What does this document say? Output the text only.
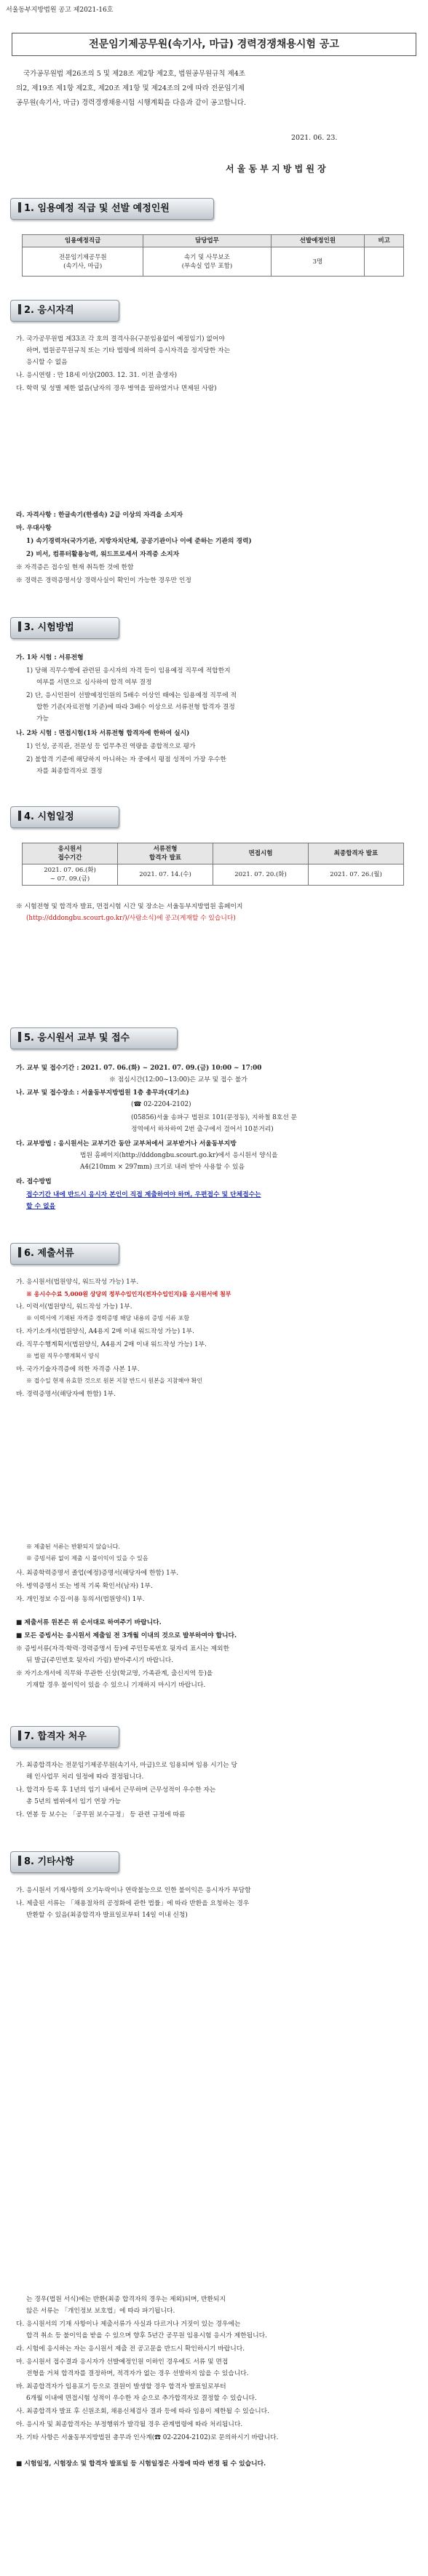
서울동부지방법원 공고 제2021-16호
전문임기제공무원(속기사, 마급) 경력경쟁채용시험 공고
국가공무원법 제26조의 5 및 제28조 제2항 제2호, 법원공무원규칙 제4조
의2, 제19조 제1항 제2호, 제20조 제1항 및 제24조의 2에 따라 전문임기제
공무원(속기사, 마급) 경력경쟁채용시험 시행계획을 다음과 같이 공고합니다.
2021. 06. 23.
서 울 동 부 지 방 법 원 장
1. 임용예정 직급 및 선발 예정인원
임용예정직급	담당업무	선발예정인원	비고
전문임기제공무원
(속기사, 마급)	속기 및 사무보조
(부속실 업무 포함)	3명	
2. 응시자격
가. 국가공무원법 제33조 각 호의 결격사유(구분임용없이 예정임기) 없어야
하며, 법원공무원규칙 또는 기타 법령에 의하여 응시자격을 정지당한 자는
응시할 수 없음
나. 응시연령 : 만 18세 이상(2003. 12. 31. 이전 출생자)
다. 학력 및 성별 제한 없음(남자의 경우 병역을 필하였거나 면제된 사람)
라. 자격사항 : 한글속기(한셈속) 2급 이상의 자격을 소지자
마. 우대사항
1) 속기경력자(국가기관, 지방자치단체, 공공기관이나 이에 준하는 기관의 경력)
2) 비서, 컴퓨터활용능력, 워드프로세서 자격증 소지자
※ 자격증은 접수일 현재 취득한 것에 한함
※ 경력은 경력증명서상 경력사실이 확인이 가능한 경우만 인정
3. 시험방법
가. 1차 시험 : 서류전형
1) 당해 직무수행에 관련된 응시자의 자격 등이 임용예정 직무에 적합한지
여부를 서면으로 심사하여 합격 여부 결정
2) 단, 응시인원이 선발예정인원의 5배수 이상인 때에는 임용예정 직무에 적
합한 기준(자료전형 기준)에 따라 3배수 이상으로 서류전형 합격자 결정
가능
나. 2차 시험 : 면접시험(1차 서류전형 합격자에 한하여 실시)
1) 인성, 공직관, 전문성 등 업무추진 역량을 종합적으로 평가
2) 불합격 기준에 해당하지 아니하는 자 중에서 평점 성적이 가장 우수한
자를 최종합격자로 결정
4. 시험일정
응시원서
접수기간	서류전형
합격자 발표	면접시험	최종합격자 발표
2021. 07. 06.(화)
~ 07. 09.(금)	2021. 07. 14.(수)	2021. 07. 20.(화)	2021. 07. 26.(월)
※ 시험전형 및 합격자 발표, 면접시험 시간 및 장소는 서울동부지방법원 홈페이지
(http://dddongbu.scourt.go.kr/)/사람소식)에 공고(게재할 수 있습니다)
5. 응시원서 교부 및 접수
가. 교부 및 접수기간 : 2021. 07. 06.(화) ~ 2021. 07. 09.(금) 10:00 ~ 17:00
※ 점심시간(12:00~13:00)은 교부 및 접수 불가
나. 교부 및 접수장소 : 서울동부지방법원 1층 총무과(대기소)
(☎ 02-2204-2102)
(05856)서울 송파구 법원로 101(문정동), 지하철 8호선 문
정역에서 하차하여 2번 출구에서 걸어서 10분거리)
다. 교부방법 : 응시원서는 교부기간 동안 교부처에서 교부받거나 서울동부지방
법원 홈페이지(http://dddongbu.scourt.go.kr)에서 응시원서 양식을
A4(210mm × 297mm) 크기로 내려 받아 사용할 수 있음
라. 접수방법
접수기간 내에 반드시 응시자 본인이 직접 제출하여야 하며, 우편접수 및 단체접수는
할 수 없음
6. 제출서류
가. 응시원서(법원양식, 워드작성 가능) 1부.
※ 응시수수료 5,000원 상당의 정부수입인지(전자수입인지)를 응시원서에 첨부
나. 이력서(법원양식, 워드작성 가능) 1부.
※ 이력서에 기재된 자격증 경력증명 해당 내용의 증빙 서류 포함
다. 자기소개서(법원양식, A4용지 2매 이내 워드작성 가능) 1부.
라. 직무수행계획서(법원양식, A4용지 2매 이내 워드작성 가능) 1부.
※ 법원 직무수행계획서 양식
마. 국가기술자격증에 의한 자격증 사본 1부.
※ 접수일 현재 유효한 것으로 원본 지참 반드시 원본을 지참해야 확인
바. 경력증명서(해당자에 한함) 1부.
※ 제출된 서류는 반환되지 않습니다.
※ 증빙서류 없이 제출 시 불이익이 있을 수 있음
사. 최종학력증명서 졸업(예정)증명서(해당자에 한함) 1부.
아. 병역증명서 또는 병적 기록 확인서(남자) 1부.
자. 개인정보 수집·이용 동의서(법원양식) 1부.
■ 제출서류 원본은 위 순서대로 하여주기 바랍니다.
■ 모든 증빙서는 응시원서 제출일 전 3개월 이내의 것으로 발부하여야 합니다.
※ 증빙서류(자격·학력·경력증명서 등)에 주민등록번호 뒷자리 표시는 제외한
뒤 발급(주민번호 뒷자리 가림) 받아주시기 바랍니다.
※ 자기소개서에 직무와 무관한 신상(학교명, 가족관계, 출신지역 등)을
기재할 경우 불이익이 있을 수 있으니 기재하지 마시기 바랍니다.
7. 합격자 처우
가. 최종합격자는 전문임기제공무원(속기사, 마급)으로 임용되며 임용 시기는 당
해 인사업무 처리 일정에 따라 결정됩니다.
나. 합격자 등록 후 1년의 임기 내에서 근무하며 근무성적이 우수한 자는
총 5년의 범위에서 임기 연장 가능
다. 연봉 등 보수는 「공무원 보수규정」 등 관련 규정에 따름
8. 기타사항
가. 응시원서 기재사항의 오기누락이나 연락불능으로 인한 불이익은 응시자가 부담함
나. 제출된 서류는 「채용절차의 공정화에 관한 법률」에 따라 반환을 요청하는 경우
반환할 수 있음(최종합격자 발표일로부터 14일 이내 신청)
는 경우(법원 서식)에는 반환(최종 합격자의 경우는 제외)되며, 반환되지
않은 서류는 「개인정보 보호법」에 따라 파기됩니다.
다. 응시원서의 기재 사항이나 제출서류가 사실과 다르거나 거짓이 있는 경우에는
합격 취소 등 불이익을 받을 수 있으며 향후 5년간 공무원 임용시험 응시가 제한됩니다.
라. 시험에 응시하는 자는 응시원서 제출 전 공고문을 반드시 확인하시기 바랍니다.
마. 응시원서 접수결과 응시자가 선발예정인원 이하인 경우에도 서류 및 면접
전형을 거쳐 합격자를 결정하며, 적격자가 없는 경우 선발하지 않을 수 있습니다.
바. 최종합격자가 임용포기 등으로 결원이 발생할 경우 합격자 발표일로부터
6개월 이내에 면접시험 성적이 우수한 자 순으로 추가합격자로 결정할 수 있습니다.
사. 최종합격자 발표 후 신원조회, 채용신체검사 결과 등에 따라 임용이 제한될 수 있습니다.
아. 응시자 및 최종합격자는 부정행위가 발각될 경우 관계법령에 따라 처리됩니다.
자. 기타 사항은 서울동부지방법원 총무과 인사계(☎ 02-2204-2102)로 문의하시기 바랍니다.
■ 시험일정, 시험장소 및 합격자 발표일 등 시험일정은 사정에 따라 변경 될 수 있습니다.
